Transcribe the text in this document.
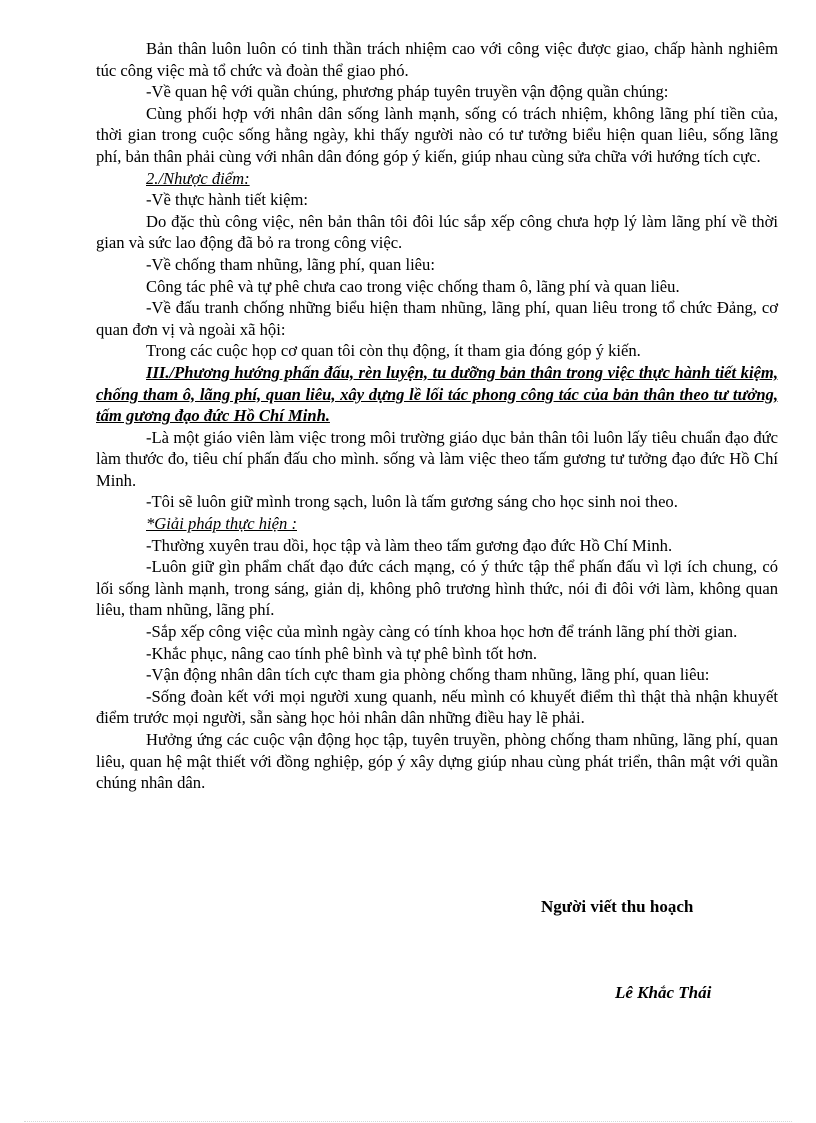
Bản thân luôn luôn có tinh thần trách nhiệm cao với công việc được giao, chấp hành nghiêm túc công việc mà tổ chức và đoàn thể giao phó.

-Về quan hệ với quần chúng, phương pháp tuyên truyền vận động quần chúng:

Cùng phối hợp với nhân dân sống lành mạnh, sống có trách nhiệm, không lãng phí tiền của, thời gian trong cuộc sống hằng ngày, khi thấy người nào có tư tưởng biểu hiện quan liêu, sống lãng phí, bản thân phải cùng với nhân dân đóng góp ý kiến, giúp nhau cùng sửa chữa với hướng tích cực.

2./Nhược điểm:

-Về thực hành tiết kiệm:

Do đặc thù công việc, nên bản thân tôi đôi lúc sắp xếp công chưa hợp lý làm lãng phí về thời gian và sức lao động đã bỏ ra trong công việc.

-Về chống tham nhũng, lãng phí, quan liêu:

Công tác phê và tự phê chưa cao trong việc chống tham ô, lãng phí và quan liêu.

-Về đấu tranh chống những biểu hiện tham nhũng, lãng phí, quan liêu trong tổ chức Đảng, cơ quan đơn vị và ngoài xã hội:

Trong các cuộc họp cơ quan tôi còn thụ động, ít tham gia đóng góp ý kiến.

III./Phương hướng phấn đấu, rèn luyện, tu dưỡng bản thân trong việc thực hành tiết kiệm, chống tham ô, lãng phí, quan liêu, xây dựng lề lối tác phong công tác của bản thân theo tư tưởng, tấm gương đạo đức Hồ Chí Minh.

-Là một giáo viên làm việc trong môi trường giáo dục bản thân tôi luôn lấy tiêu chuẩn đạo đức làm thước đo, tiêu chí phấn đấu cho mình. sống và làm việc theo tấm gương tư tưởng đạo đức Hồ Chí Minh.

-Tôi sẽ luôn giữ mình trong sạch, luôn là tấm gương sáng cho học sinh noi theo.

*Giải pháp thực hiện :

-Thường xuyên trau dồi, học tập và làm theo tấm gương đạo đức Hồ Chí Minh.

-Luôn giữ gìn phẩm chất đạo đức cách mạng, có ý thức tập thể phấn đấu vì lợi ích chung, có lối sống lành mạnh, trong sáng, giản dị, không phô trương hình thức, nói đi đôi với làm, không quan liêu, tham nhũng, lãng phí.

-Sắp xếp công việc của mình ngày càng có tính khoa học hơn để tránh lãng phí thời gian.

-Khắc phục, nâng cao tính phê bình và tự phê bình tốt hơn.

-Vận động nhân dân tích cực tham gia phòng chống tham nhũng, lãng phí, quan liêu:

-Sống đoàn kết với mọi người xung quanh, nếu mình có khuyết điểm thì thật thà nhận khuyết điểm trước mọi người, sẵn sàng học hỏi nhân dân những điều hay lẽ phải.

Hưởng ứng các cuộc vận động học tập, tuyên truyền, phòng chống tham nhũng, lãng phí, quan liêu, quan hệ mật thiết với đồng nghiệp, góp ý xây dựng giúp nhau cùng phát triển, thân mật với quần chúng nhân dân.

Người viết thu hoạch
Lê Khắc Thái
